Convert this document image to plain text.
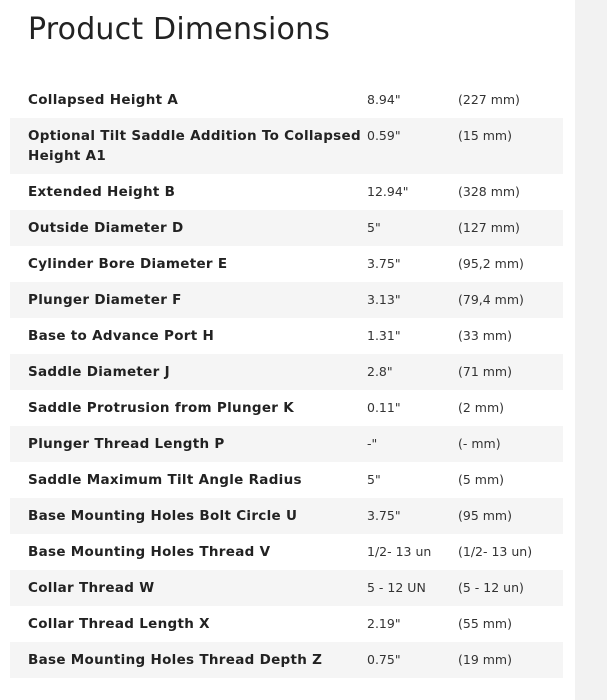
Product Dimensions
Collapsed Height A	8.94"	(227 mm)

Optional Tilt Saddle Addition To Collapsed Height A1	0.59"	(15 mm)

Extended Height B	12.94"	(328 mm)

Outside Diameter D	5"	(127 mm)

Cylinder Bore Diameter E	3.75"	(95,2 mm)

Plunger Diameter F	3.13"	(79,4 mm)

Base to Advance Port H	1.31"	(33 mm)

Saddle Diameter J	2.8"	(71 mm)

Saddle Protrusion from Plunger K	0.11"	(2 mm)

Plunger Thread Length P	-"	(- mm)

Saddle Maximum Tilt Angle Radius	5"	(5 mm)

Base Mounting Holes Bolt Circle U	3.75"	(95 mm)

Base Mounting Holes Thread V	1/2- 13 un	(1/2- 13 un)

Collar Thread W	5 - 12 UN	(5 - 12 un)

Collar Thread Length X	2.19"	(55 mm)

Base Mounting Holes Thread Depth Z	0.75"	(19 mm)
